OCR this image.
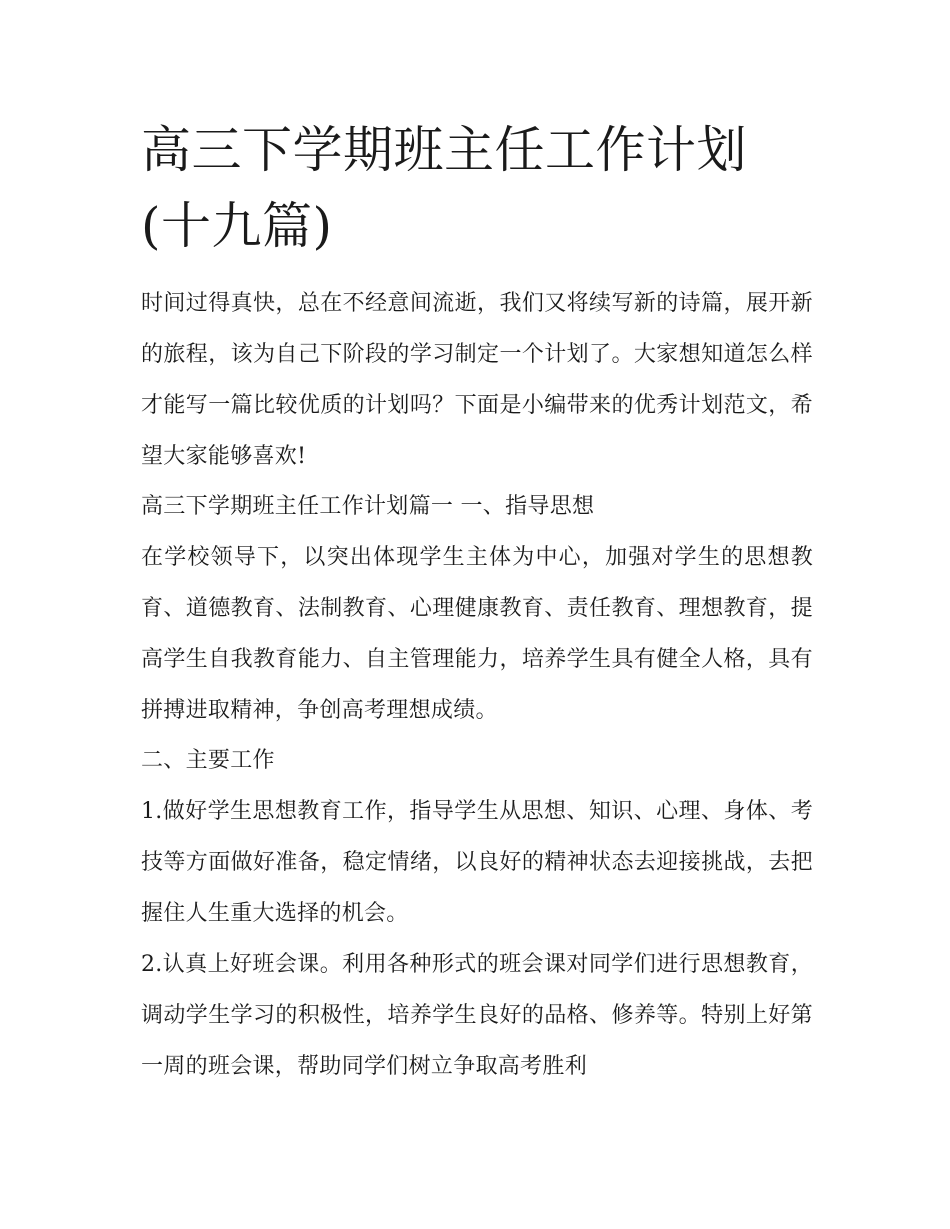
高三下学期班主任工作计划(十九篇)

时间过得真快，总在不经意间流逝，我们又将续写新的诗篇，展开新的旅程，该为自己下阶段的学习制定一个计划了。大家想知道怎么样才能写一篇比较优质的计划吗？下面是小编带来的优秀计划范文，希望大家能够喜欢!

高三下学期班主任工作计划篇一 一、指导思想

在学校领导下，以突出体现学生主体为中心，加强对学生的思想教育、道德教育、法制教育、心理健康教育、责任教育、理想教育，提高学生自我教育能力、自主管理能力，培养学生具有健全人格，具有拼搏进取精神，争创高考理想成绩。

二、主要工作

1.做好学生思想教育工作，指导学生从思想、知识、心理、身体、考技等方面做好准备，稳定情绪，以良好的精神状态去迎接挑战，去把握住人生重大选择的机会。

2.认真上好班会课。利用各种形式的班会课对同学们进行思想教育，调动学生学习的积极性，培养学生良好的品格、修养等。特别上好第一周的班会课，帮助同学们树立争取高考胜利
